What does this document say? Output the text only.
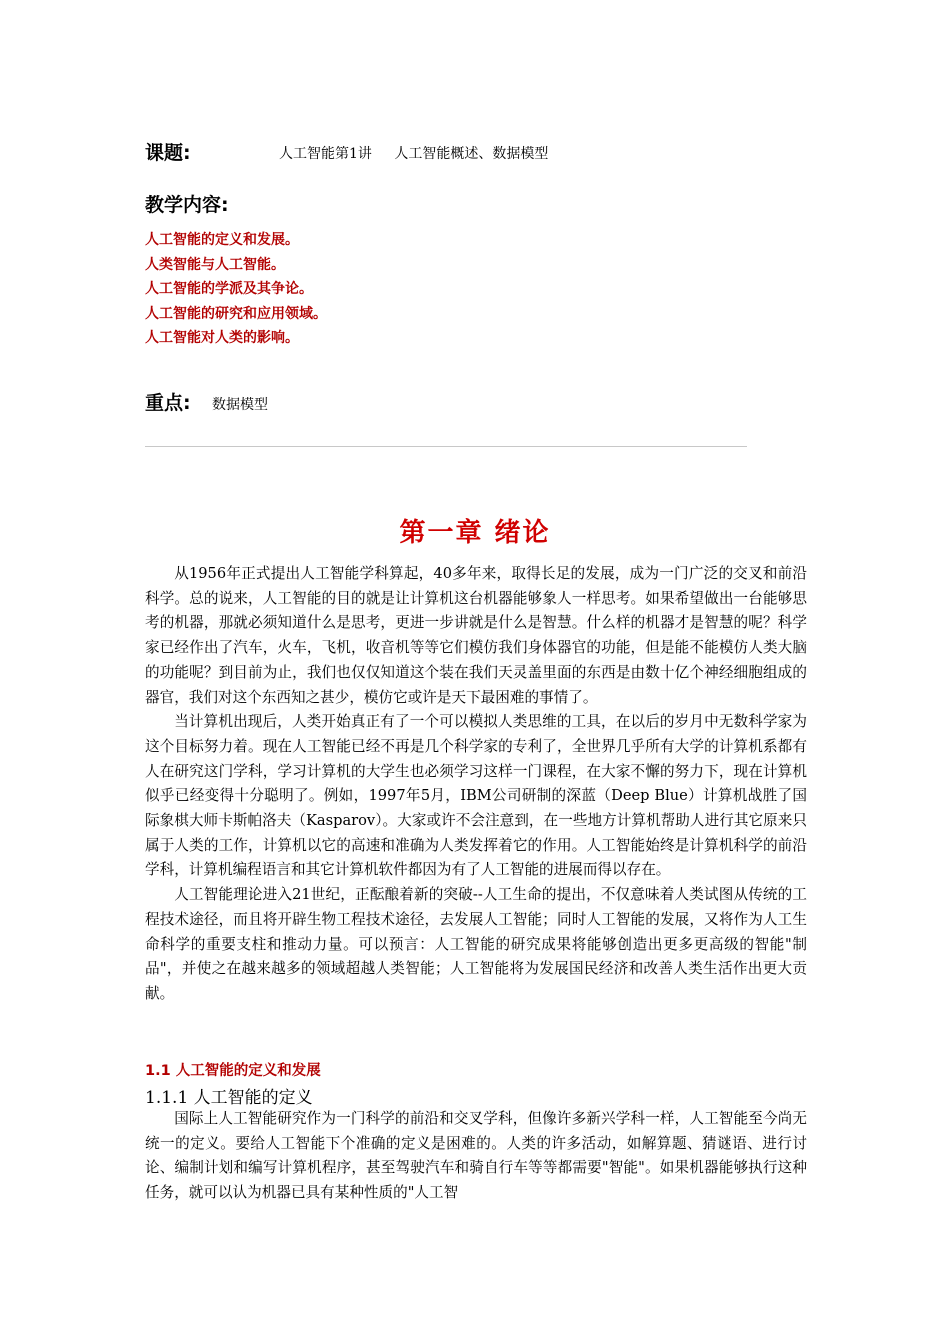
课题:	人工智能第1讲 人工智能概述、数据模型
教学内容:
人工智能的定义和发展。
人类智能与人工智能。
人工智能的学派及其争论。
人工智能的研究和应用领域。
人工智能对人类的影响。
重点: 数据模型
第一章 绪论

从1956年正式提出人工智能学科算起，40多年来，取得长足的发展，成为一门广泛的交叉和前沿科学。总的说来，人工智能的目的就是让计算机这台机器能够象人一样思考。如果希望做出一台能够思考的机器，那就必须知道什么是思考，更进一步讲就是什么是智慧。什么样的机器才是智慧的呢？科学家已经作出了汽车，火车，飞机，收音机等等它们模仿我们身体器官的功能，但是能不能模仿人类大脑的功能呢？到目前为止，我们也仅仅知道这个装在我们天灵盖里面的东西是由数十亿个神经细胞组成的器官，我们对这个东西知之甚少，模仿它或许是天下最困难的事情了。

当计算机出现后，人类开始真正有了一个可以模拟人类思维的工具，在以后的岁月中无数科学家为这个目标努力着。现在人工智能已经不再是几个科学家的专利了，全世界几乎所有大学的计算机系都有人在研究这门学科，学习计算机的大学生也必须学习这样一门课程，在大家不懈的努力下，现在计算机似乎已经变得十分聪明了。例如，1997年5月，IBM公司研制的深蓝（Deep Blue）计算机战胜了国际象棋大师卡斯帕洛夫（Kasparov）。大家或许不会注意到，在一些地方计算机帮助人进行其它原来只属于人类的工作，计算机以它的高速和准确为人类发挥着它的作用。人工智能始终是计算机科学的前沿学科，计算机编程语言和其它计算机软件都因为有了人工智能的进展而得以存在。

人工智能理论进入21世纪，正酝酿着新的突破--人工生命的提出，不仅意味着人类试图从传统的工程技术途径，而且将开辟生物工程技术途径，去发展人工智能；同时人工智能的发展，又将作为人工生命科学的重要支柱和推动力量。可以预言：人工智能的研究成果将能够创造出更多更高级的智能"制品"，并使之在越来越多的领域超越人类智能；人工智能将为发展国民经济和改善人类生活作出更大贡献。

1.1 人工智能的定义和发展
1.1.1 人工智能的定义

国际上人工智能研究作为一门科学的前沿和交叉学科，但像许多新兴学科一样，人工智能至今尚无统一的定义。要给人工智能下个准确的定义是困难的。人类的许多活动，如解算题、猜谜语、进行讨论、编制计划和编写计算机程序，甚至驾驶汽车和骑自行车等等都需要"智能"。如果机器能够执行这种任务，就可以认为机器已具有某种性质的"人工智
